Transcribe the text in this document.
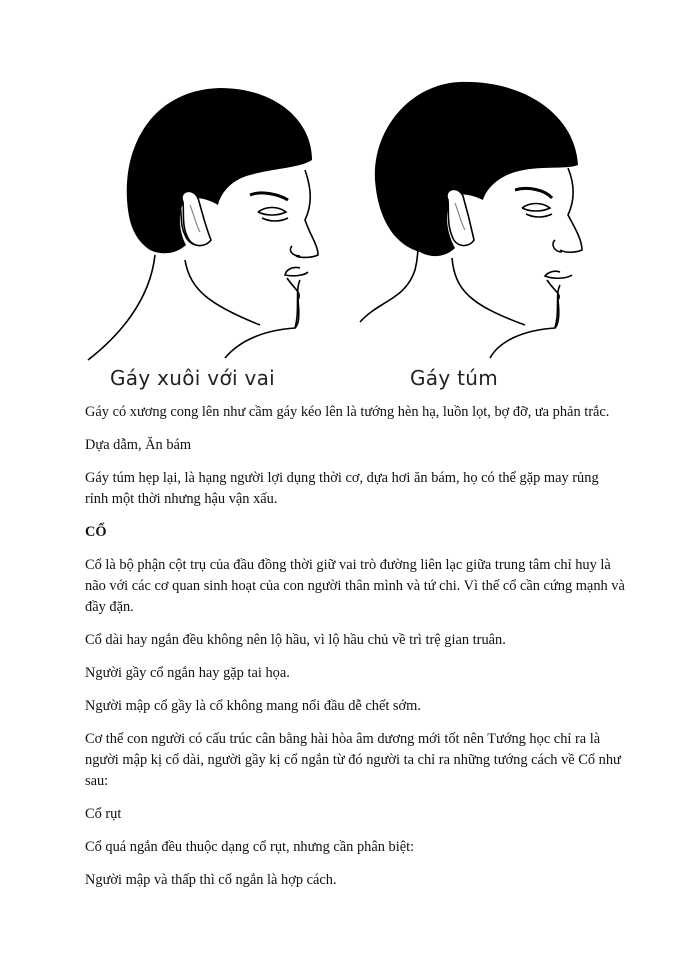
Gáy xuôi với vai	Gáy túm

Gáy có xương cong lên như cầm gáy kéo lên là tướng hèn hạ, luồn lọt, bợ đỡ, ưa phản trắc.

Dựa dẫm, Ăn bám

Gáy túm hẹp lại, là hạng người lợi dụng thời cơ, dựa hơi ăn bám, họ có thể gặp may rủng rỉnh một thời nhưng hậu vận xấu.

CỔ

Cổ là bộ phận cột trụ của đầu đồng thời giữ vai trò đường liên lạc giữa trung tâm chỉ huy là não với các cơ quan sinh hoạt của con người thân mình và tứ chi. Vì thế cổ cần cứng mạnh và đầy đặn.

Cổ dài hay ngắn đều không nên lộ hầu, vì lộ hầu chủ về trì trệ gian truân.

Người gầy cổ ngắn hay gặp tai họa.

Người mập cổ gầy là cổ không mang nổi đầu dễ chết sớm.

Cơ thể con người có cấu trúc cân bằng hài hòa âm dương mới tốt nên Tướng học chỉ ra là người mập kị cổ dài, người gầy kị cổ ngắn từ đó người ta chỉ ra những tướng cách về Cổ như sau:

Cổ rụt

Cổ quá ngắn đều thuộc dạng cổ rụt, nhưng cần phân biệt:

Người mập và thấp thì cổ ngắn là hợp cách.
